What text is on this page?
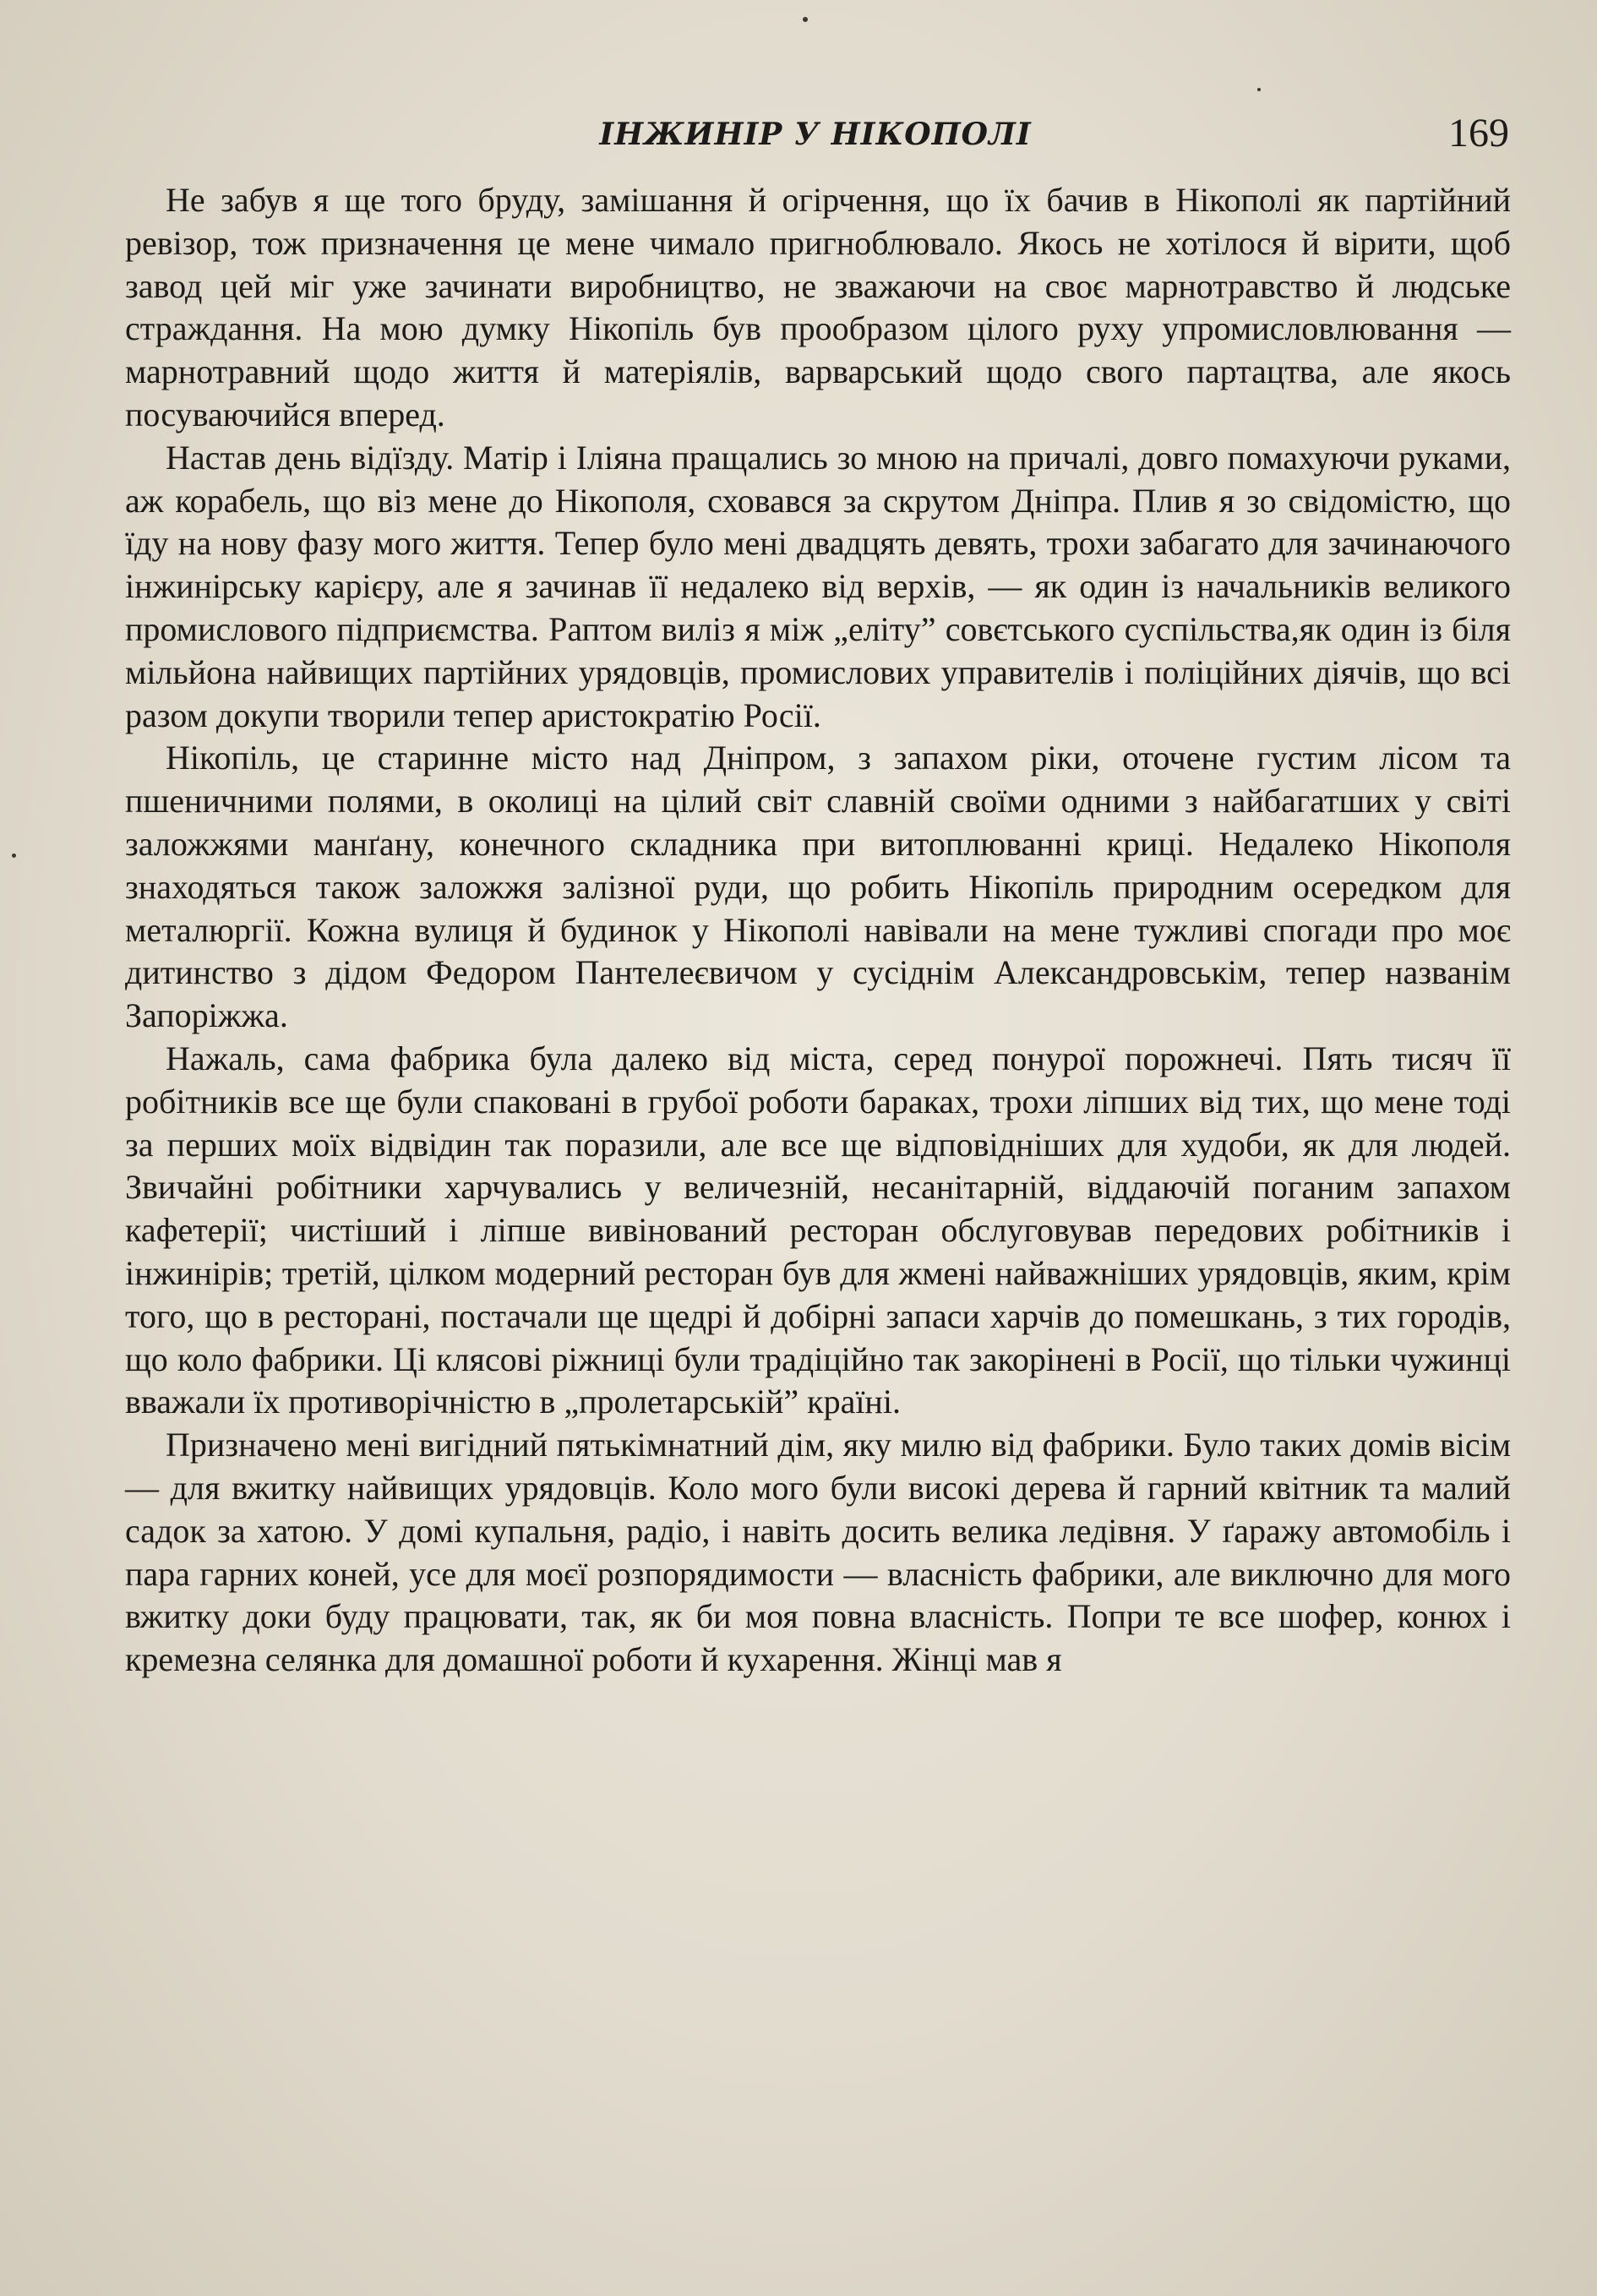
ІНЖИНІР У НІКОПОЛІ	169

Не забув я ще того бруду, замішання й огірчення, що їх бачив в Нікополі як партійний ревізор, тож призначення це мене чимало пригноблювало. Якось не хотілося й вірити, щоб завод цей міг уже зачинати виробництво, не зважаючи на своє марнотравство й людське страждання. На мою думку Нікопіль був прообразом цілого руху упромисловлювання — марнотравний щодо життя й матеріялів, варварський щодо свого партацтва, але якось посуваючийся вперед.

Настав день відїзду. Матір і Іліяна пращались зо мною на причалі, довго помахуючи руками, аж корабель, що віз мене до Нікополя, сховався за скрутом Дніпра. Плив я зо свідомістю, що їду на нову фазу мого життя. Тепер було мені двадцять девять, трохи забагато для зачинаючого інжинірську карієру, але я зачинав її недалеко від верхів, — як один із начальників великого промислового підприємства. Раптом виліз я між „еліту” совєтського суспільства,як один із біля мільйона найвищих партійних урядовців, промислових управителів і поліційних діячів, що всі разом докупи творили тепер аристократію Росії.

Нікопіль, це старинне місто над Дніпром, з запахом ріки, оточене густим лісом та пшеничними полями, в околиці на цілий світ славній своїми одними з найбагатших у світі заложжями манґану, конечного складника при витоплюванні криці. Недалеко Нікополя знаходяться також заложжя залізної руди, що робить Нікопіль природним осередком для металюргії. Кожна вулиця й будинок у Нікополі навівали на мене тужливі спогади про моє дитинство з дідом Федором Пантелеєвичом у сусіднім Александровськім, тепер названім Запоріжжа.

Нажаль, сама фабрика була далеко від міста, серед понурої порожнечі. Пять тисяч її робітників все ще були спаковані в грубої роботи бараках, трохи ліпших від тих, що мене тоді за перших моїх відвідин так поразили, але все ще відповідніших для худоби, як для людей. Звичайні робітники харчувались у величезній, несанітарній, віддаючій поганим запахом кафетерії; чистіший і ліпше вивінований ресторан обслуговував передових робітників і інжинірів; третій, цілком модерний ресторан був для жмені найважніших урядовців, яким, крім того, що в ресторані, постачали ще щедрі й добірні запаси харчів до помешкань, з тих городів, що коло фабрики. Ці клясові ріжниці були традіційно так закорінені в Росії, що тільки чужинці вважали їх противорічністю в „пролетарській” країні.

Призначено мені вигідний пятькімнатний дім, яку милю від фабрики. Було таких домів вісім — для вжитку найвищих урядовців. Коло мого були високі дерева й гарний квітник та малий садок за хатою. У домі купальня, радіо, і навіть досить велика ледівня. У ґаражу автомобіль і пара гарних коней, усе для моєї розпорядимости — власність фабрики, але виключно для мого вжитку доки буду працювати, так, як би моя повна власність. Попри те все шофер, конюх і кремезна селянка для домашної роботи й кухарення. Жінці мав я
